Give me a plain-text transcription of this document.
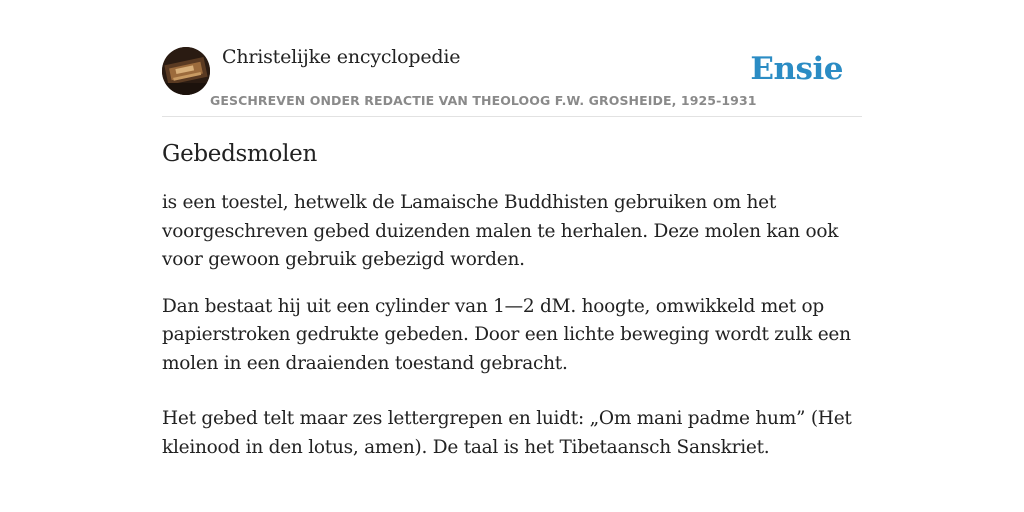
Christelijke encyclopedie
GESCHREVEN ONDER REDACTIE VAN THEOLOOG F.W. GROSHEIDE, 1925-1931
Ensie
Gebedsmolen

is een toestel, hetwelk de Lamaische Buddhisten gebruiken om het voorgeschreven gebed duizenden malen te herhalen. Deze molen kan ook voor gewoon gebruik gebezigd worden.

Dan bestaat hij uit een cylinder van 1—2 dM. hoogte, omwikkeld met op papierstroken gedrukte gebeden. Door een lichte beweging wordt zulk een molen in een draaienden toestand gebracht.

Het gebed telt maar zes lettergrepen en luidt: „Om mani padme hum” (Het kleinood in den lotus, amen). De taal is het Tibetaansch Sanskriet.
